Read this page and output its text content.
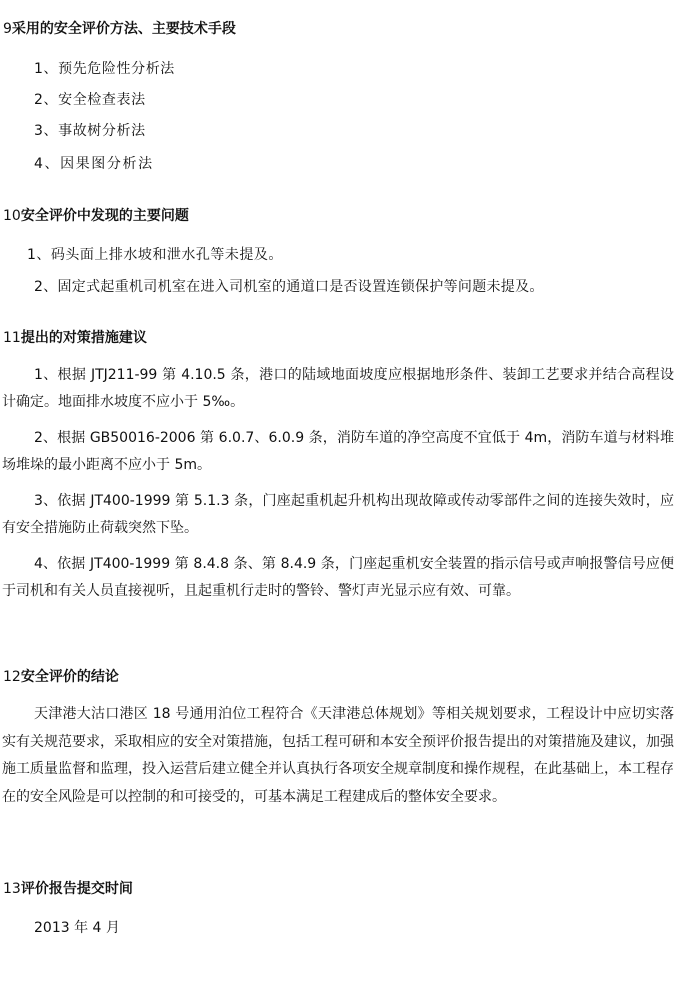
9采用的安全评价方法、主要技术手段
1、预先危险性分析法
2、安全检查表法
3、事故树分析法
4、因果图分析法
10安全评价中发现的主要问题
1、码头面上排水坡和泄水孔等未提及。
2、固定式起重机司机室在进入司机室的通道口是否设置连锁保护等问题未提及。
11提出的对策措施建议
1、根据 JTJ211-99 第 4.10.5 条，港口的陆域地面坡度应根据地形条件、装卸工艺要求并结合高程设计确定。地面排水坡度不应小于 5‰。
2、根据 GB50016-2006 第 6.0.7、6.0.9 条，消防车道的净空高度不宜低于 4m，消防车道与材料堆场堆垛的最小距离不应小于 5m。
3、依据 JT400-1999 第 5.1.3 条，门座起重机起升机构出现故障或传动零部件之间的连接失效时，应有安全措施防止荷载突然下坠。
4、依据 JT400-1999 第 8.4.8 条、第 8.4.9 条，门座起重机安全装置的指示信号或声响报警信号应便于司机和有关人员直接视听，且起重机行走时的警铃、警灯声光显示应有效、可靠。
12安全评价的结论
天津港大沽口港区 18 号通用泊位工程符合《天津港总体规划》等相关规划要求，工程设计中应切实落实有关规范要求，采取相应的安全对策措施，包括工程可研和本安全预评价报告提出的对策措施及建议，加强施工质量监督和监理，投入运营后建立健全并认真执行各项安全规章制度和操作规程，在此基础上，本工程存在的安全风险是可以控制的和可接受的，可基本满足工程建成后的整体安全要求。
13评价报告提交时间
2013 年 4 月
